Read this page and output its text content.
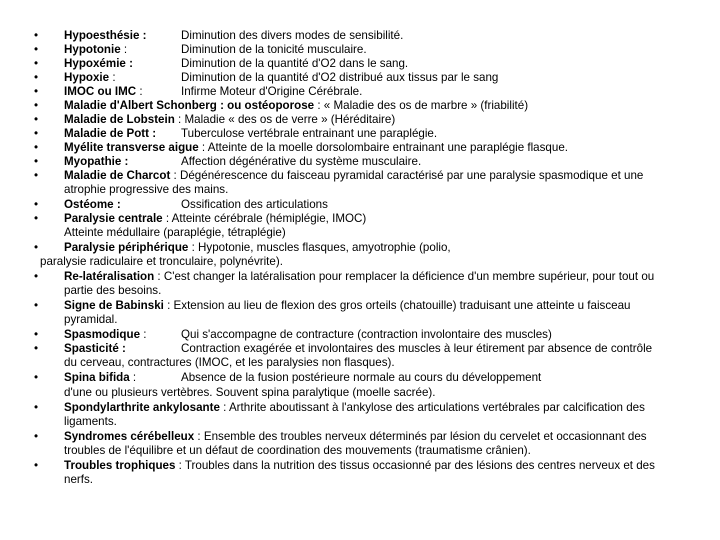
•	Hypoesthésie :	Diminution des divers modes de sensibilité.
•	Hypotonie :	Diminution de la tonicité musculaire.
•	Hypoxémie :	Diminution de la quantité d'O2 dans le sang.
•	Hypoxie :	Diminution de la quantité d'O2 distribué aux tissus par le sang
•	IMOC ou IMC :	Infirme Moteur d'Origine Cérébrale.
•	Maladie d'Albert Schonberg : ou ostéoporose : « Maladie des os de marbre » (friabilité)
•	Maladie de Lobstein : Maladie « des os de verre » (Héréditaire)
•	Maladie de Pott : Tuberculose vertébrale entrainant une paraplégie.
•	Myélite transverse aigue : Atteinte de la moelle dorsolombaire entrainant une paraplégie flasque.
•	Myopathie :	Affection dégénérative du système musculaire.
•	Maladie de Charcot : Dégénérescence du faisceau pyramidal caractérisé par une paralysie spasmodique et une atrophie progressive des mains.
•	Ostéome :	Ossification des articulations
•	Paralysie centrale : Atteinte cérébrale (hémiplégie, IMOC)
Atteinte médullaire (paraplégie, tétraplégie)
•	Paralysie périphérique : Hypotonie, muscles flasques, amyotrophie (polio,
paralysie radiculaire et tronculaire, polynévrite).
•	Re-latéralisation : C'est changer la latéralisation pour remplacer la déficience d'un membre supérieur, pour tout ou partie des besoins.
•	Signe de Babinski : Extension au lieu de flexion des gros orteils (chatouille) traduisant une atteinte u faisceau pyramidal.
•	Spasmodique :	Qui s'accompagne de contracture (contraction involontaire des muscles)
•	Spasticité :	Contraction exagérée et involontaires des muscles à leur étirement par absence de contrôle
du cerveau, contractures (IMOC, et les paralysies non flasques).
•	Spina bifida :	Absence de la fusion postérieure normale au cours du développement
d'une ou plusieurs vertèbres. Souvent spina paralytique (moelle sacrée).
•	Spondylarthrite ankylosante : Arthrite aboutissant à l'ankylose des articulations vertébrales par calcification des ligaments.
•	Syndromes cérébelleux : Ensemble des troubles nerveux déterminés par lésion du cervelet et occasionnant des troubles de l'équilibre et un défaut de coordination des mouvements (traumatisme crânien).
•	Troubles trophiques : Troubles dans la nutrition des tissus occasionné par des lésions des centres nerveux et des nerfs.
